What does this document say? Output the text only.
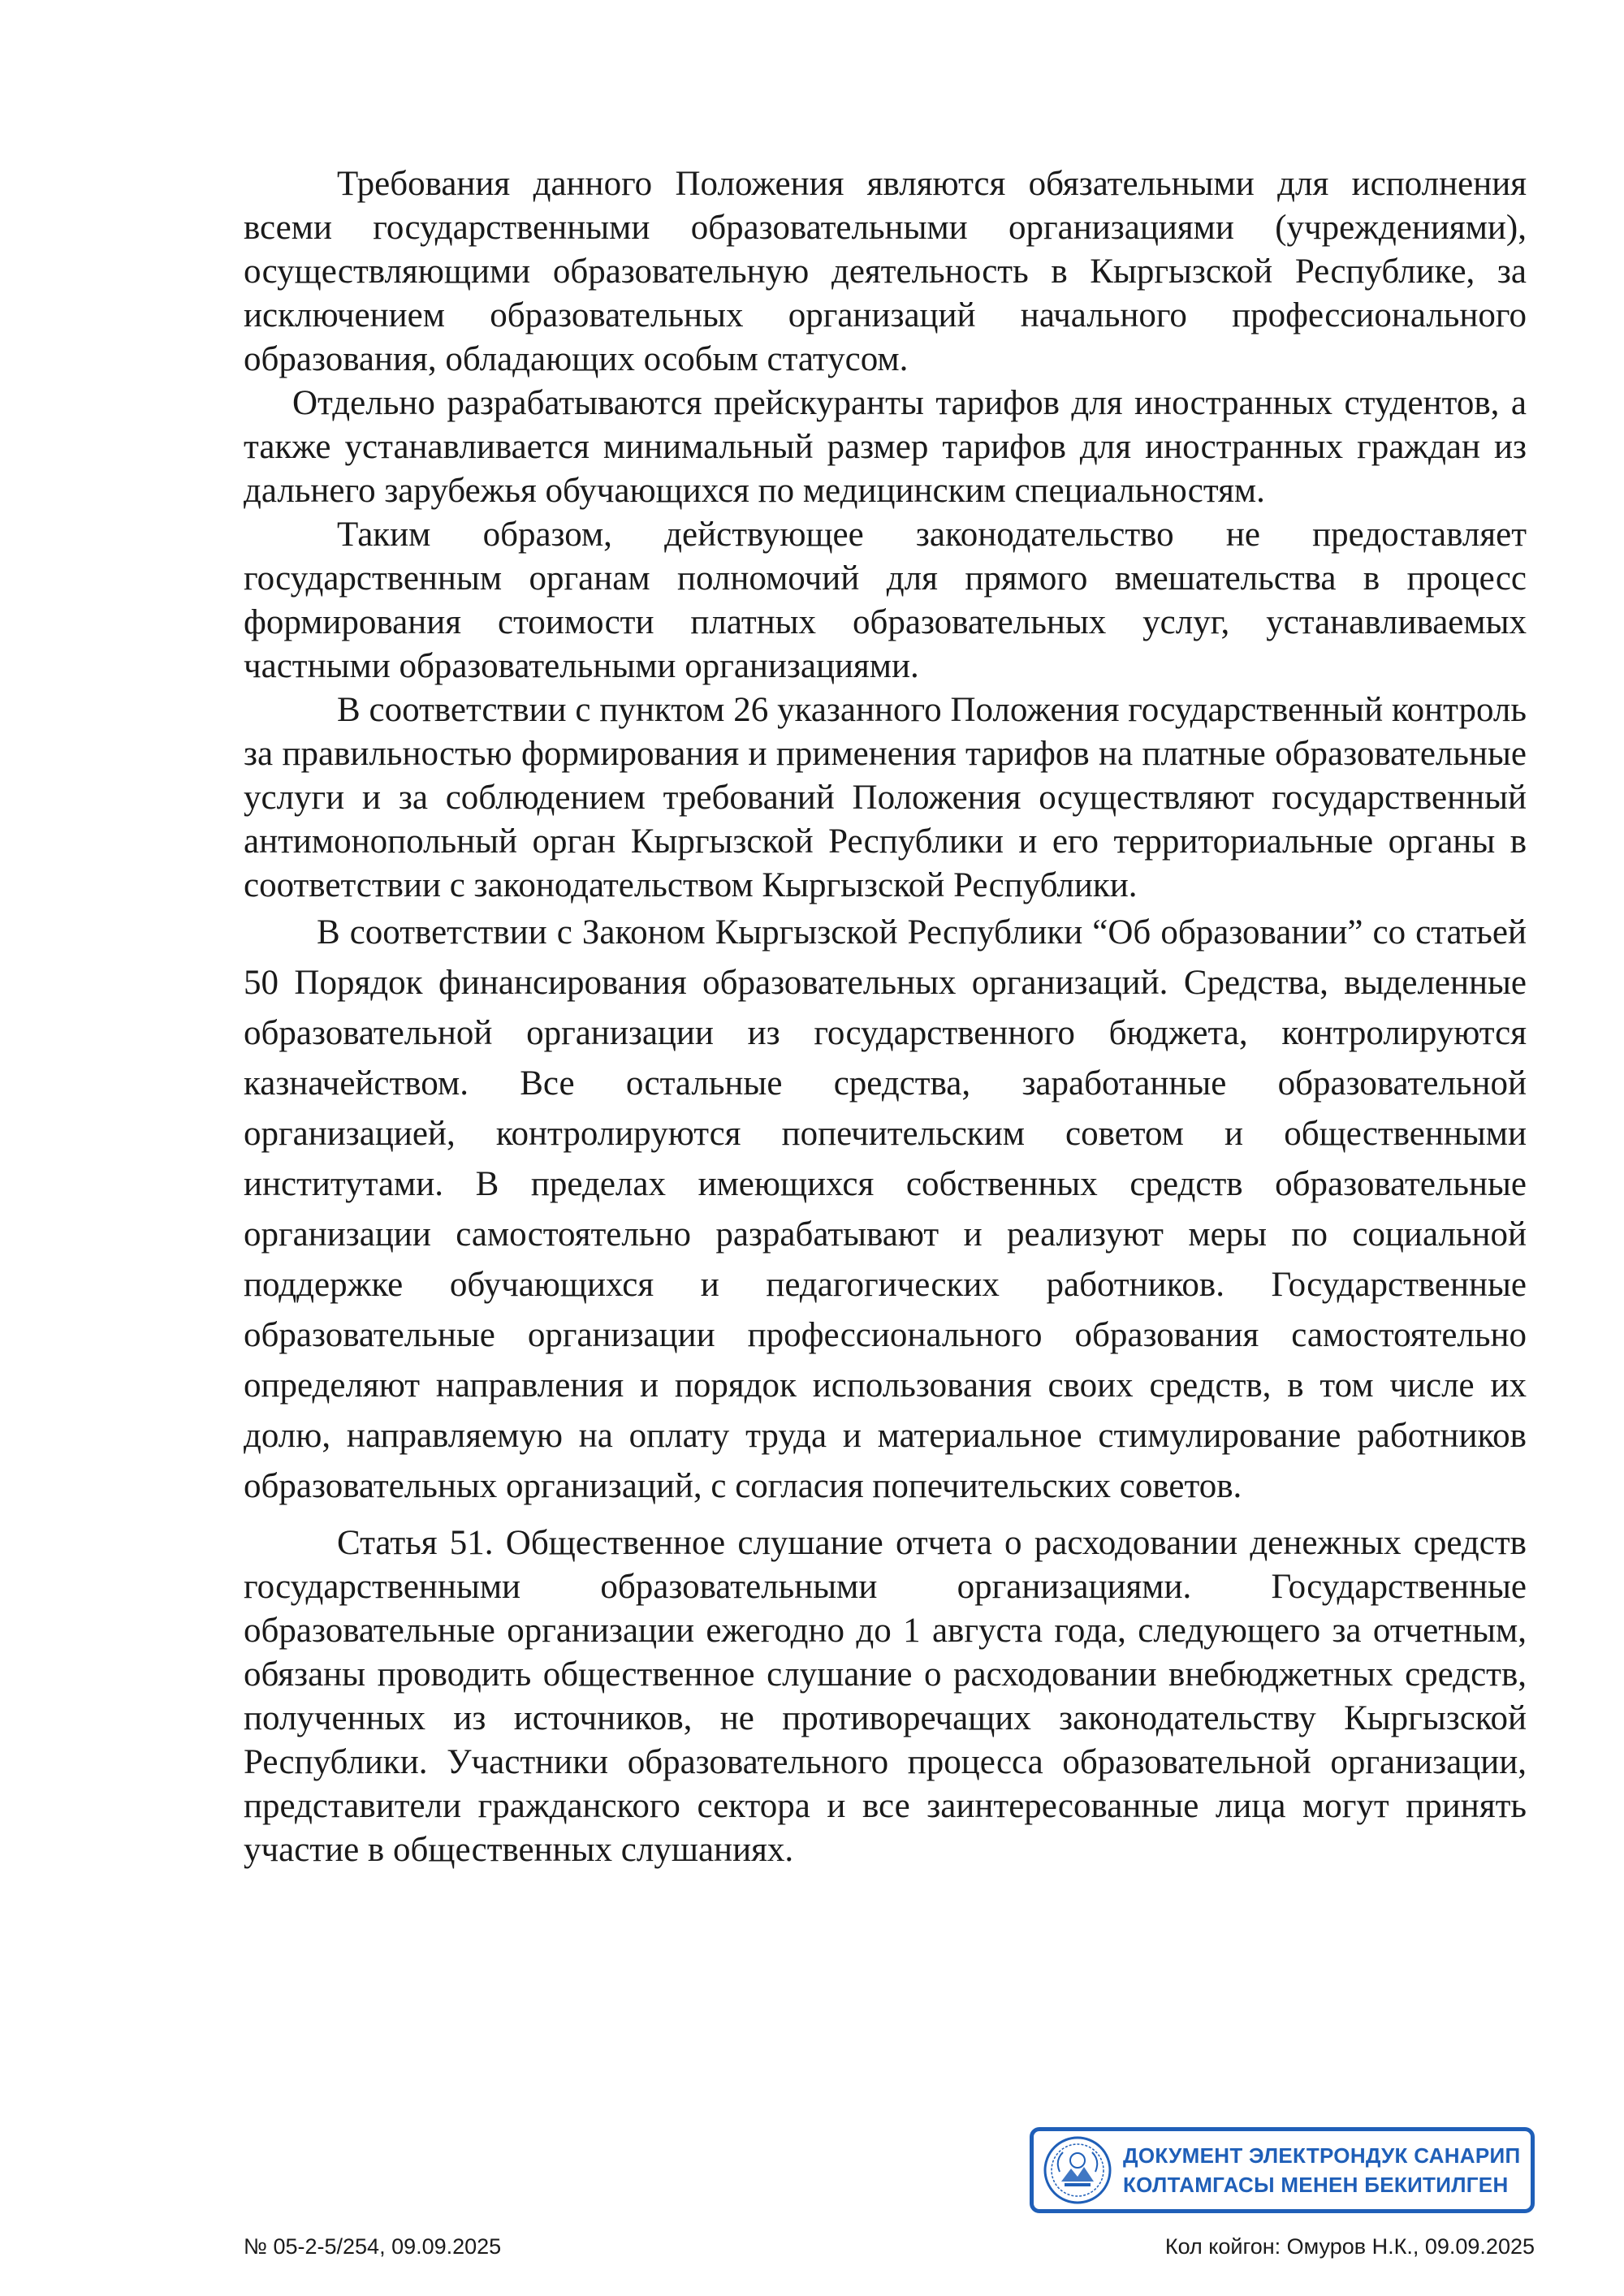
Требования данного Положения являются обязательными для исполнения всеми государственными образовательными организациями (учреждениями), осуществляющими образовательную деятельность в Кыргызской Республике, за исключением образовательных организаций начального профессионального образования, обладающих особым статусом.

Отдельно разрабатываются прейскуранты тарифов для иностранных студентов, а также устанавливается минимальный размер тарифов для иностранных граждан из дальнего зарубежья обучающихся по медицинским специальностям.

Таким образом, действующее законодательство не предоставляет государственным органам полномочий для прямого вмешательства в процесс формирования стоимости платных образовательных услуг, устанавливаемых частными образовательными организациями.

В соответствии с пунктом 26 указанного Положения государственный контроль за правильностью формирования и применения тарифов на платные образовательные услуги и за соблюдением требований Положения осуществляют государственный антимонопольный орган Кыргызской Республики и его территориальные органы в соответствии с законодательством Кыргызской Республики.

В соответствии с Законом Кыргызской Республики “Об образовании” со статьей 50 Порядок финансирования образовательных организаций. Средства, выделенные образовательной организации из государственного бюджета, контролируются казначейством. Все остальные средства, заработанные образовательной организацией, контролируются попечительским советом и общественными институтами. В пределах имеющихся собственных средств образовательные организации самостоятельно разрабатывают и реализуют меры по социальной поддержке обучающихся и педагогических работников. Государственные образовательные организации профессионального образования самостоятельно определяют направления и порядок использования своих средств, в том числе их долю, направляемую на оплату труда и материальное стимулирование работников образовательных организаций, с согласия попечительских советов.

Статья 51. Общественное слушание отчета о расходовании денежных средств государственными образовательными организациями. Государственные образовательные организации ежегодно до 1 августа года, следующего за отчетным, обязаны проводить общественное слушание о расходовании внебюджетных средств, полученных из источников, не противоречащих законодательству Кыргызской Республики. Участники образовательного процесса образовательной организации, представители гражданского сектора и все заинтересованные лица могут принять участие в общественных слушаниях.

ДОКУМЕНТ ЭЛЕКТРОНДУК САНАРИП
КОЛТАМГАСЫ МЕНЕН БЕКИТИЛГЕН
№ 05-2-5/254, 09.09.2025	Кол койгон: Омуров Н.К., 09.09.2025
